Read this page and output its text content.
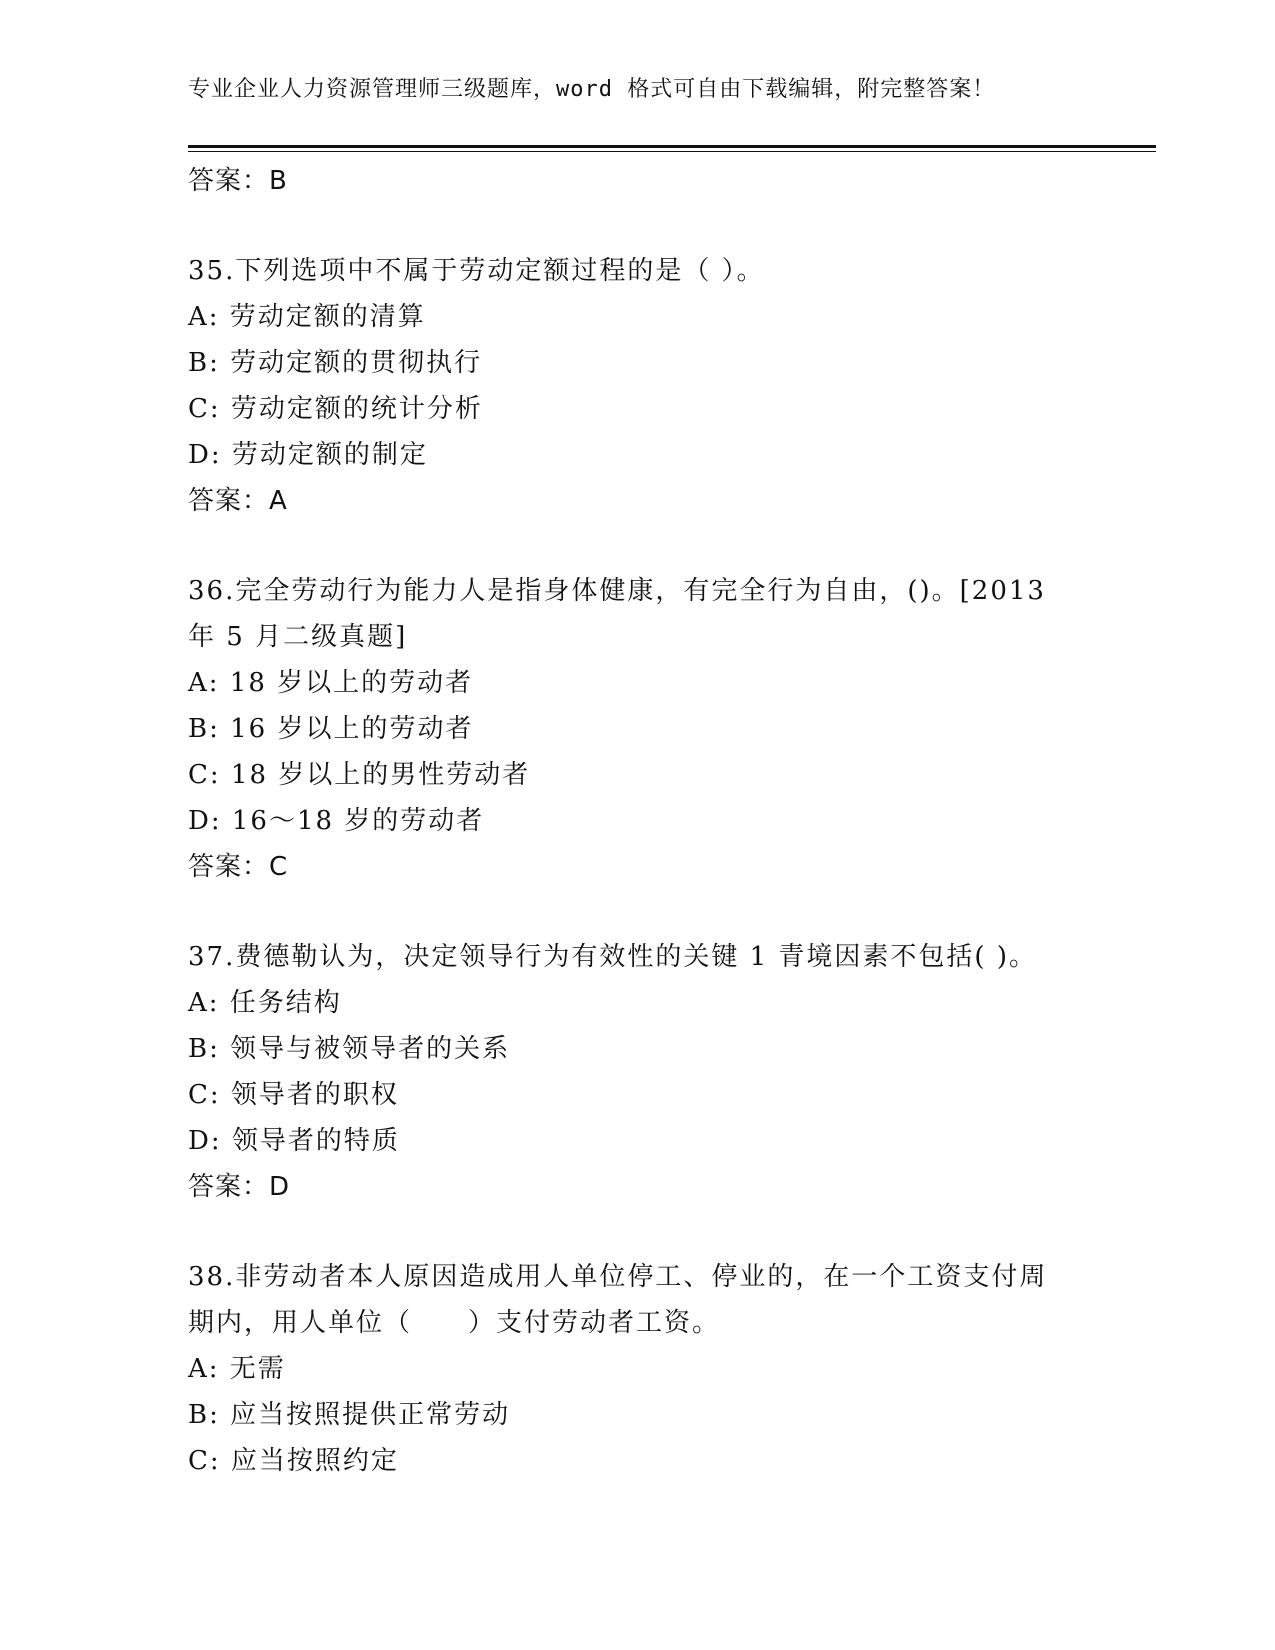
专业企业人力资源管理师三级题库，word 格式可自由下载编辑，附完整答案！
答案：B
35.下列选项中不属于劳动定额过程的是（ ）。
A: 劳动定额的清算
B: 劳动定额的贯彻执行
C: 劳动定额的统计分析
D: 劳动定额的制定
答案：A
36.完全劳动行为能力人是指身体健康，有完全行为自由，()。[2013
年 5 月二级真题]
A: 18 岁以上的劳动者
B: 16 岁以上的劳动者
C: 18 岁以上的男性劳动者
D: 16～18 岁的劳动者
答案：C
37.费德勒认为，决定领导行为有效性的关键 1 青境因素不包括( )。
A: 任务结构
B: 领导与被领导者的关系
C: 领导者的职权
D: 领导者的特质
答案：D
38.非劳动者本人原因造成用人单位停工、停业的，在一个工资支付周
期内，用人单位（　　）支付劳动者工资。
A: 无需
B: 应当按照提供正常劳动
C: 应当按照约定
